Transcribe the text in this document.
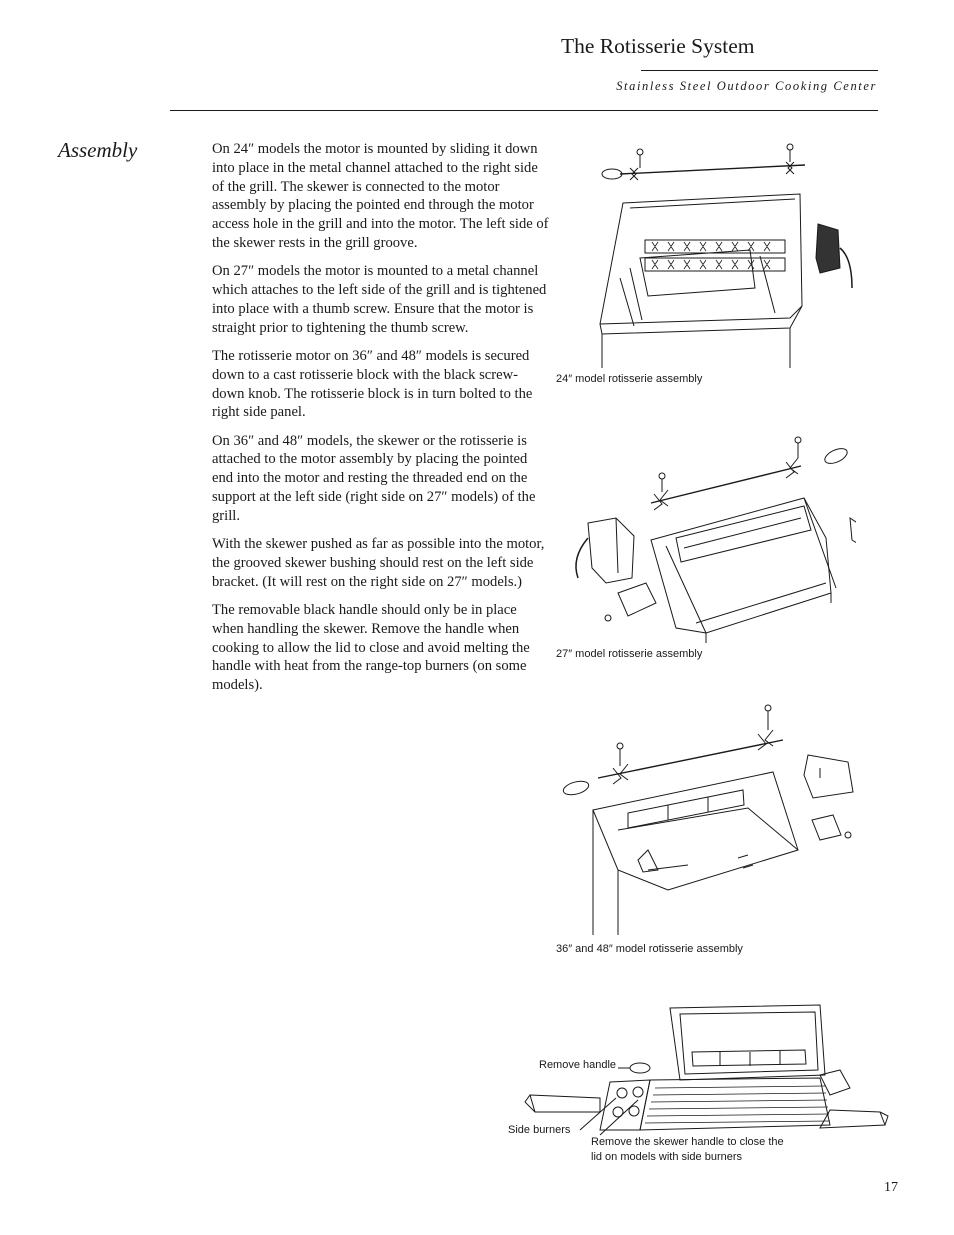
The Rotisserie System
Stainless Steel Outdoor Cooking Center
Assembly	On 24″ models the motor is mounted by sliding it down into place in the metal channel attached to the right side of the grill. The skewer is connected to the motor assembly by placing the pointed end through the motor access hole in the grill and into the motor. The left side of the skewer rests in the grill groove.

On 27″ models the motor is mounted to a metal channel which attaches to the left side of the grill and is tightened into place with a thumb screw. Ensure that the motor is straight prior to tightening the thumb screw.

The rotisserie motor on 36″ and 48″ models is secured down to a cast rotisserie block with the black screw-down knob. The rotisserie block is in turn bolted to the right side panel.

On 36″ and 48″ models, the skewer or the rotisserie is attached to the motor assembly by placing the pointed end into the motor and resting the threaded end on the support at the left side (right side on 27″ models) of the grill.

With the skewer pushed as far as possible into the motor, the grooved skewer bushing should rest on the left side bracket. (It will rest on the right side on 27″ models.)

The removable black handle should only be in place when handling the skewer. Remove the handle when cooking to allow the lid to close and avoid melting the handle with heat from the range-top burners (on some models).

24″ model rotisserie assembly
27″ model rotisserie assembly
36″ and 48″ model rotisserie assembly
Remove handle
Side burners
Remove the skewer handle to close the
lid on models with side burners
17
